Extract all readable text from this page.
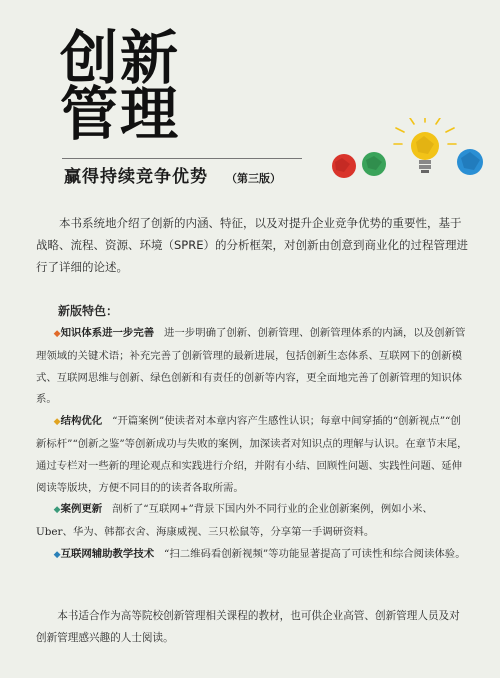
创新

管理

赢得持续竞争优势 （第三版）

本书系统地介绍了创新的内涵、特征，以及对提升企业竞争优势的重要性，基于战略、流程、资源、环境（SPRE）的分析框架，对创新由创意到商业化的过程管理进行了详细的论述。

新版特色：

◆知识体系进一步完善 进一步明确了创新、创新管理、创新管理体系的内涵，以及创新管理领域的关键术语；补充完善了创新管理的最新进展，包括创新生态体系、互联网下的创新模式、互联网思维与创新、绿色创新和有责任的创新等内容，更全面地完善了创新管理的知识体系。

◆结构优化 “开篇案例”使读者对本章内容产生感性认识；每章中间穿插的“创新视点”“创新标杆”“创新之鉴”等创新成功与失败的案例，加深读者对知识点的理解与认识。在章节末尾，通过专栏对一些新的理论观点和实践进行介绍，并附有小结、回顾性问题、实践性问题、延伸阅读等版块，方便不同目的的读者各取所需。

◆案例更新 剖析了“互联网+”背景下国内外不同行业的企业创新案例，例如小米、Uber、华为、韩都衣舍、海康威视、三只松鼠等，分享第一手调研资料。

◆互联网辅助教学技术 “扫二维码看创新视频”等功能显著提高了可读性和综合阅读体验。

本书适合作为高等院校创新管理相关课程的教材，也可供企业高管、创新管理人员及对创新管理感兴趣的人士阅读。
